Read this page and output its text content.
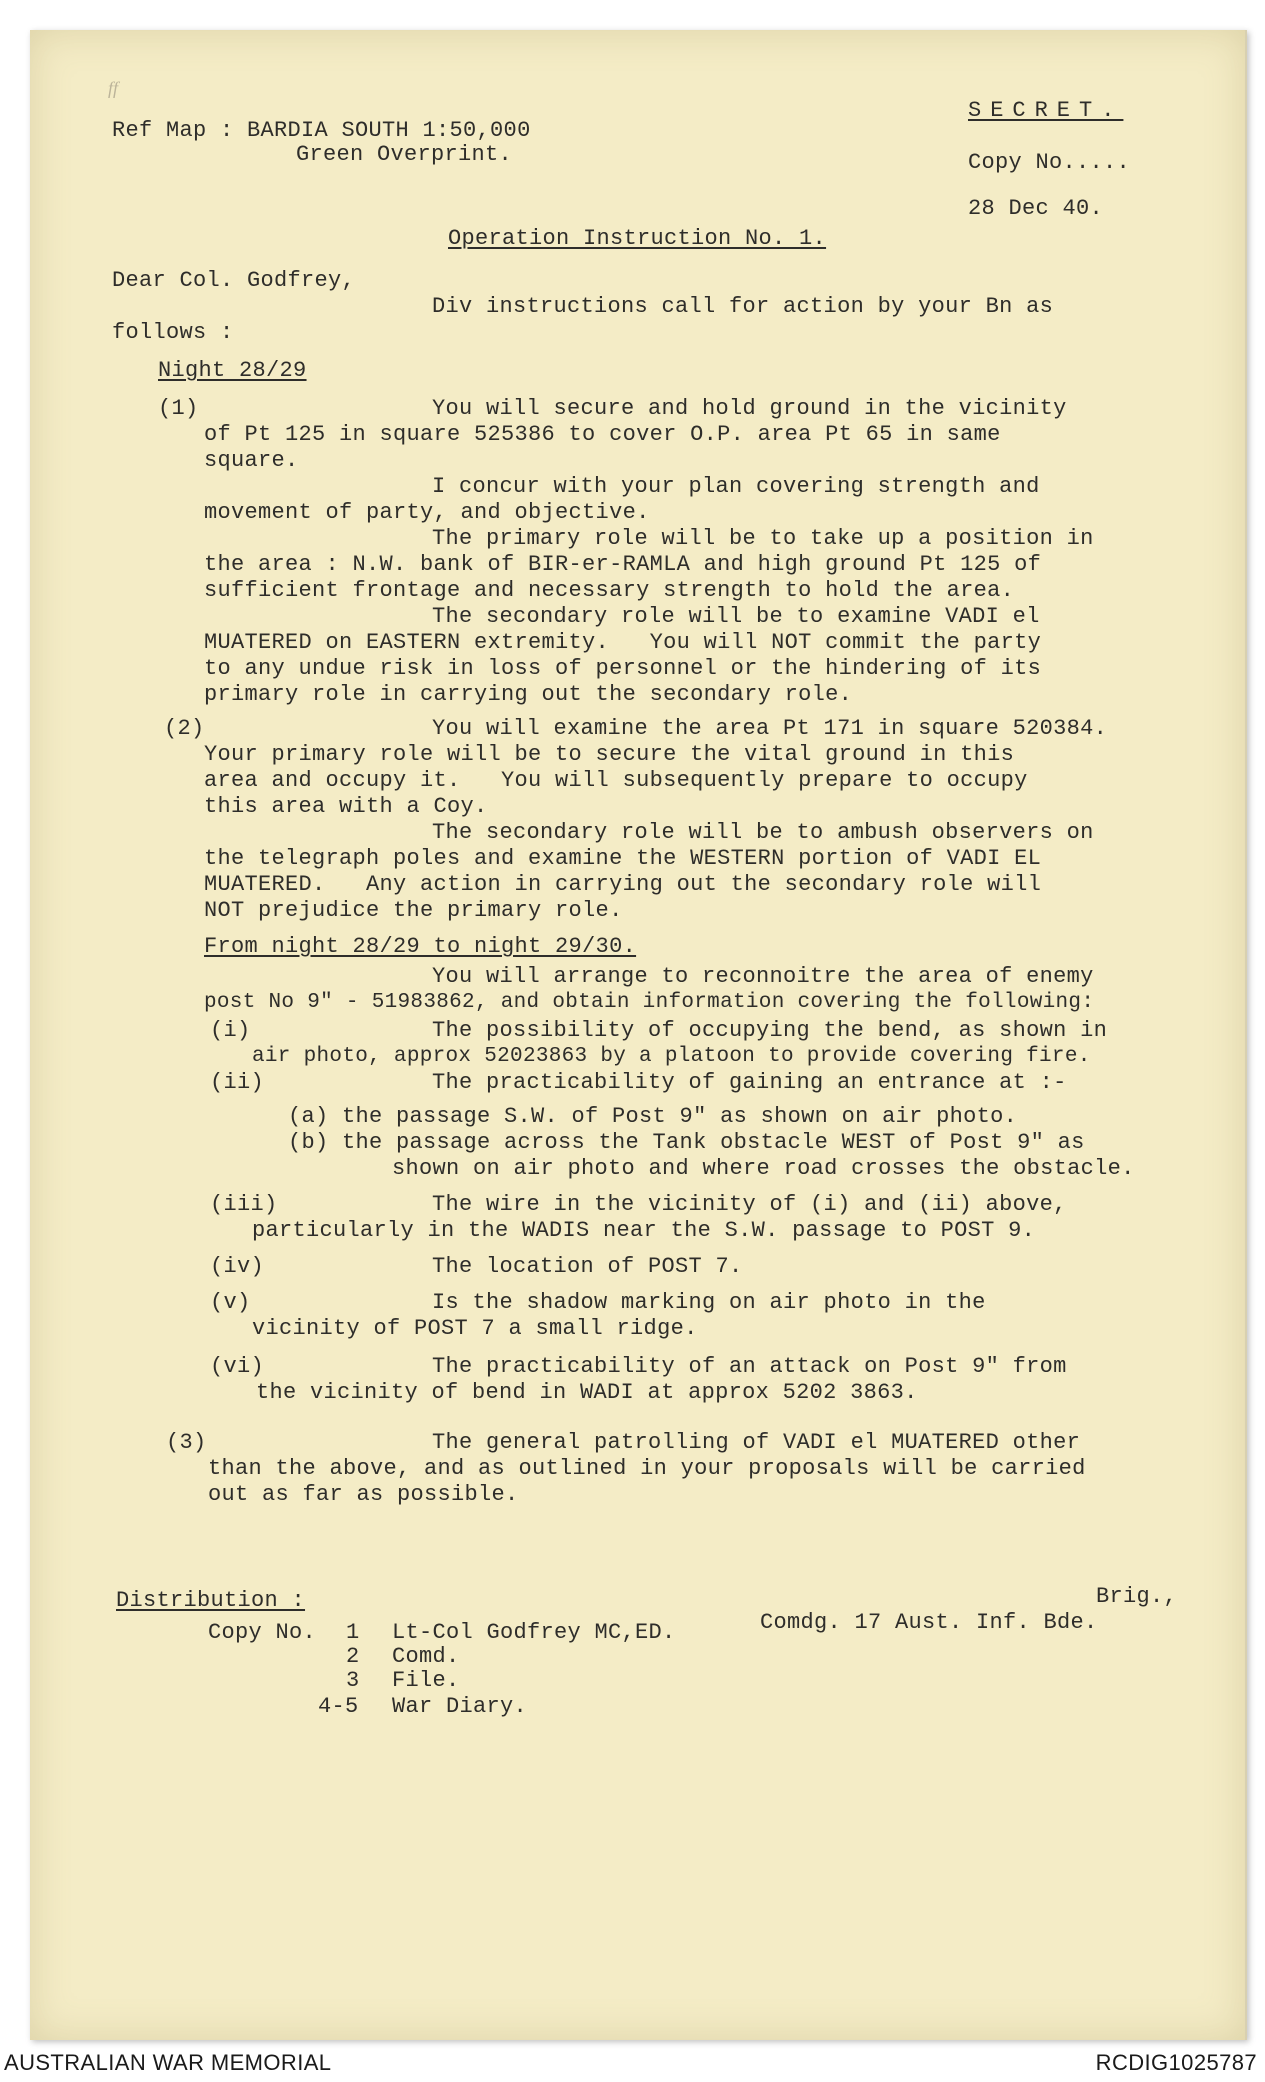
ff
Ref Map : BARDIA SOUTH 1:50,000
Green Overprint.
SECRET.
Copy No.....
28 Dec 40.
Operation Instruction No. 1.
Dear Col. Godfrey,
Div instructions call for action by your Bn as
follows :
Night 28/29
(1)	You will secure and hold ground in the vicinity
of Pt 125 in square 525386 to cover O.P. area Pt 65 in same
square.
I concur with your plan covering strength and
movement of party, and objective.
The primary role will be to take up a position in
the area : N.W. bank of BIR-er-RAMLA and high ground Pt 125 of
sufficient frontage and necessary strength to hold the area.
The secondary role will be to examine VADI el
MUATERED on EASTERN extremity.   You will NOT commit the party
to any undue risk in loss of personnel or the hindering of its
primary role in carrying out the secondary role.
(2)	You will examine the area Pt 171 in square 520384.
Your primary role will be to secure the vital ground in this
area and occupy it.   You will subsequently prepare to occupy
this area with a Coy.
The secondary role will be to ambush observers on
the telegraph poles and examine the WESTERN portion of VADI EL
MUATERED.   Any action in carrying out the secondary role will
NOT prejudice the primary role.
From night 28/29 to night 29/30.
You will arrange to reconnoitre the area of enemy
post No 9" - 51983862, and obtain information covering the following:
(i)	The possibility of occupying the bend, as shown in
air photo, approx 52023863 by a platoon to provide covering fire.
(ii)	The practicability of gaining an entrance at :-
(a) the passage S.W. of Post 9" as shown on air photo.
(b) the passage across the Tank obstacle WEST of Post 9" as
shown on air photo and where road crosses the obstacle.
(iii)	The wire in the vicinity of (i) and (ii) above,
particularly in the WADIS near the S.W. passage to POST 9.
(iv)	The location of POST 7.
(v)	Is the shadow marking on air photo in the
vicinity of POST 7 a small ridge.
(vi)	The practicability of an attack on Post 9" from
the vicinity of bend in WADI at approx 5202 3863.
(3)	The general patrolling of VADI el MUATERED other
than the above, and as outlined in your proposals will be carried
out as far as possible.
Brig.,
Comdg. 17 Aust. Inf. Bde.
Distribution :
Copy No. 1 Lt-Col Godfrey MC,ED.
2 Comd.
3 File.
4-5 War Diary.
AUSTRALIAN WAR MEMORIAL	RCDIG1025787
